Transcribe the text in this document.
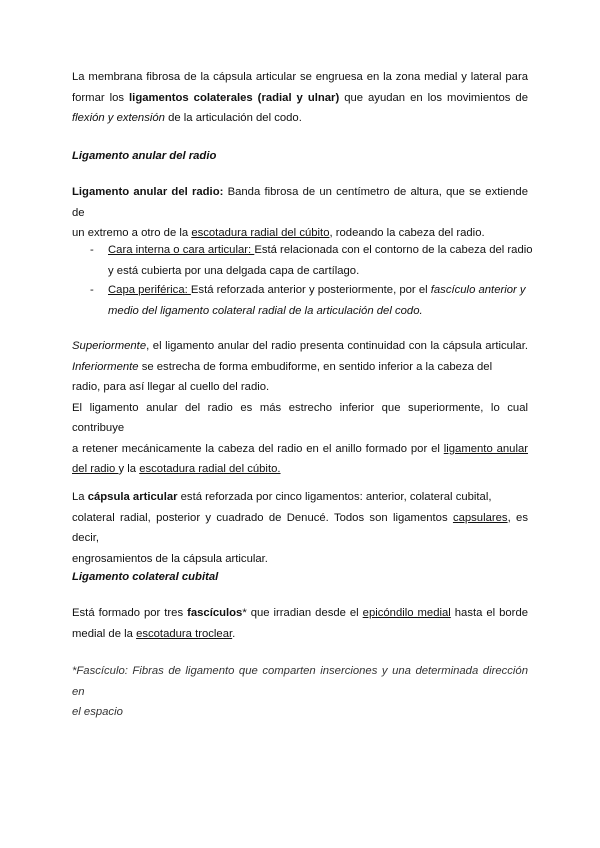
La membrana fibrosa de la cápsula articular se engruesa en la zona medial y lateral para
formar los ligamentos colaterales (radial y ulnar) que ayudan en los movimientos de
flexión y extensión de la articulación del codo.
Ligamento anular del radio
Ligamento anular del radio: Banda fibrosa de un centímetro de altura, que se extiende de
un extremo a otro de la escotadura radial del cúbito, rodeando la cabeza del radio.
- Cara interna o cara articular: Está relacionada con el contorno de la cabeza del radio
y está cubierta por una delgada capa de cartílago.
- Capa periférica: Está reforzada anterior y posteriormente, por el fascículo anterior y
medio del ligamento colateral radial de la articulación del codo.
Superiormente, el ligamento anular del radio presenta continuidad con la cápsula articular.
Inferiormente se estrecha de forma embudiforme, en sentido inferior a la cabeza del
radio, para así llegar al cuello del radio.
El ligamento anular del radio es más estrecho inferior que superiormente, lo cual contribuye
a retener mecánicamente la cabeza del radio en el anillo formado por el ligamento anular
del radio y la escotadura radial del cúbito.
La cápsula articular está reforzada por cinco ligamentos: anterior, colateral cubital,
colateral radial, posterior y cuadrado de Denucé. Todos son ligamentos capsulares, es decir,
engrosamientos de la cápsula articular.
Ligamento colateral cubital
Está formado por tres fascículos* que irradian desde el epicóndilo medial hasta el borde
medial de la escotadura troclear.
*Fascículo: Fibras de ligamento que comparten inserciones y una determinada dirección en
el espacio
